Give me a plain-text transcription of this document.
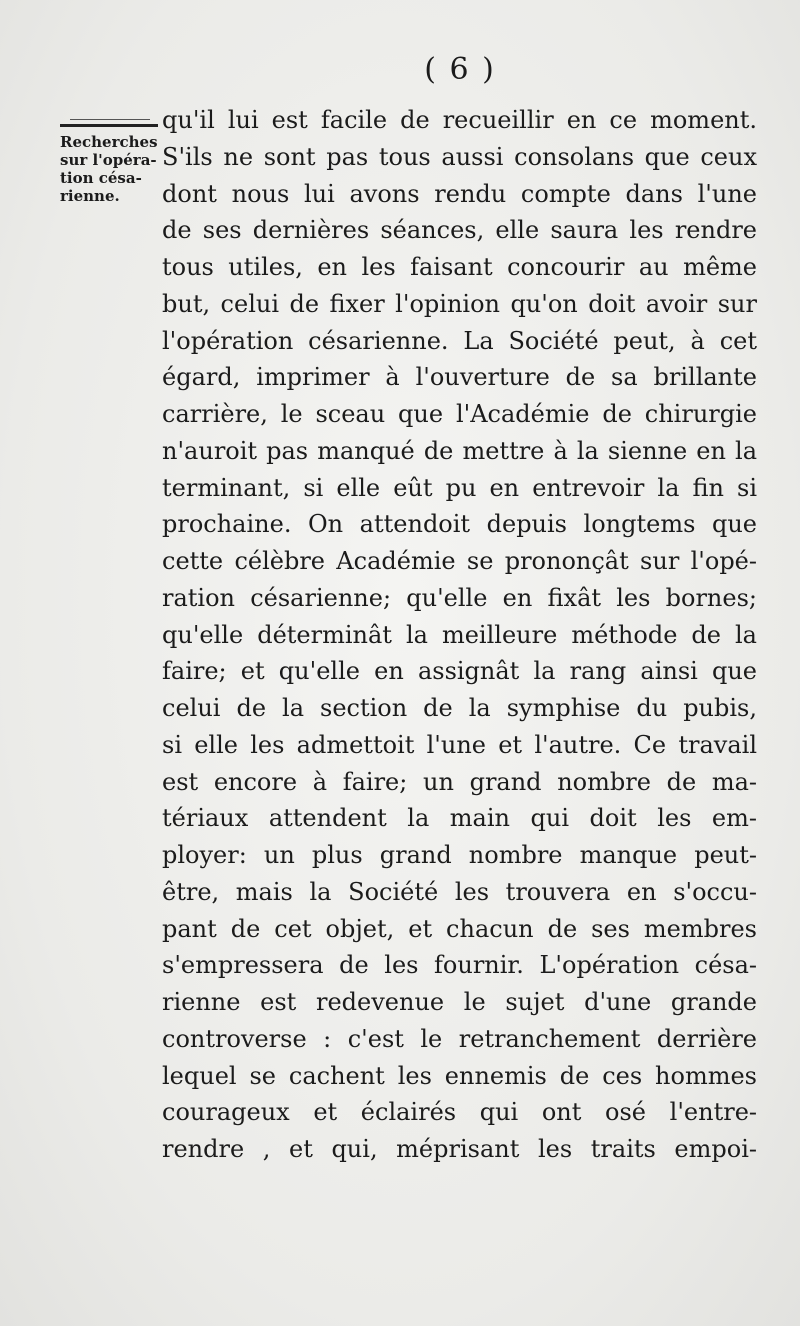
( 6 )
Recherches
sur l'opéra-
tion césa-
rienne.
qu'il lui est facile de recueillir en ce moment.
S'ils ne sont pas tous aussi consolans que ceux
dont nous lui avons rendu compte dans l'une
de ses dernières séances, elle saura les rendre
tous utiles, en les faisant concourir au même
but, celui de fixer l'opinion qu'on doit avoir sur
l'opération césarienne. La Société peut, à cet
égard, imprimer à l'ouverture de sa brillante
carrière, le sceau que l'Académie de chirurgie
n'auroit pas manqué de mettre à la sienne en la
terminant, si elle eût pu en entrevoir la fin si
prochaine. On attendoit depuis longtems que
cette célèbre Académie se prononçât sur l'opé-
ration césarienne; qu'elle en fixât les bornes;
qu'elle déterminât la meilleure méthode de la
faire; et qu'elle en assignât la rang ainsi que
celui de la section de la symphise du pubis,
si elle les admettoit l'une et l'autre. Ce travail
est encore à faire; un grand nombre de ma-
tériaux attendent la main qui doit les em-
ployer: un plus grand nombre manque peut-
être, mais la Société les trouvera en s'occu-
pant de cet objet, et chacun de ses membres
s'empressera de les fournir. L'opération césa-
rienne est redevenue le sujet d'une grande
controverse : c'est le retranchement derrière
lequel se cachent les ennemis de ces hommes
courageux et éclairés qui ont osé l'entre-
rendre , et qui, méprisant les traits empoi-
